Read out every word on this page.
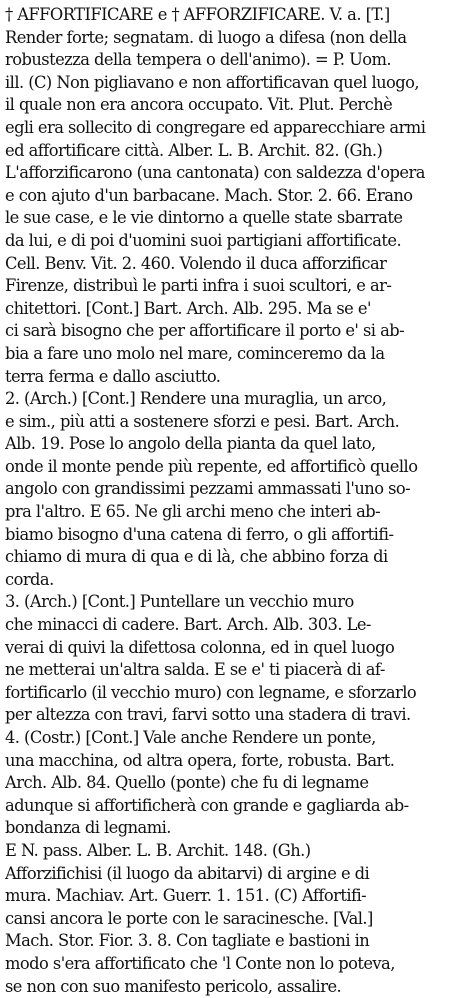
† AFFORTIFICARE e † AFFORZIFICARE. V. a. [T.]
Render forte; segnatam. di luogo a difesa (non della
robustezza della tempera o dell'animo). = P. Uom.
ill. (C) Non pigliavano e non affortificavan quel luogo,
il quale non era ancora occupato. Vit. Plut. Perchè
egli era sollecito di congregare ed apparecchiare armi
ed affortificare città. Alber. L. B. Archit. 82. (Gh.)
L'afforzificarono (una cantonata) con saldezza d'opera
e con ajuto d'un barbacane. Mach. Stor. 2. 66. Erano
le sue case, e le vie dintorno a quelle state sbarrate
da lui, e di poi d'uomini suoi partigiani affortificate.
Cell. Benv. Vit. 2. 460. Volendo il duca afforzificar
Firenze, distribuì le parti infra i suoi scultori, e ar-
chitettori. [Cont.] Bart. Arch. Alb. 295. Ma se e'
ci sarà bisogno che per affortificare il porto e' si ab-
bia a fare uno molo nel mare, cominceremo da la
terra ferma e dallo asciutto.
2. (Arch.) [Cont.] Rendere una muraglia, un arco,
e sim., più atti a sostenere sforzi e pesi. Bart. Arch.
Alb. 19. Pose lo angolo della pianta da quel lato,
onde il monte pende più repente, ed affortificò quello
angolo con grandissimi pezzami ammassati l'uno so-
pra l'altro. E 65. Ne gli archi meno che interi ab-
biamo bisogno d'una catena di ferro, o gli affortifi-
chiamo di mura di qua e di là, che abbino forza di
corda.
3. (Arch.) [Cont.] Puntellare un vecchio muro
che minacci di cadere. Bart. Arch. Alb. 303. Le-
verai di quivi la difettosa colonna, ed in quel luogo
ne metterai un'altra salda. E se e' ti piacerà di af-
fortificarlo (il vecchio muro) con legname, e sforzarlo
per altezza con travi, farvi sotto una stadera di travi.
4. (Costr.) [Cont.] Vale anche Rendere un ponte,
una macchina, od altra opera, forte, robusta. Bart.
Arch. Alb. 84. Quello (ponte) che fu di legname
adunque si affortificherà con grande e gagliarda ab-
bondanza di legnami.
E N. pass. Alber. L. B. Archit. 148. (Gh.)
Afforzifichisi (il luogo da abitarvi) di argine e di
mura. Machiav. Art. Guerr. 1. 151. (C) Affortifi-
cansi ancora le porte con le saracinesche. [Val.]
Mach. Stor. Fior. 3. 8. Con tagliate e bastioni in
modo s'era affortificato che 'l Conte non lo poteva,
se non con suo manifesto pericolo, assalire.
